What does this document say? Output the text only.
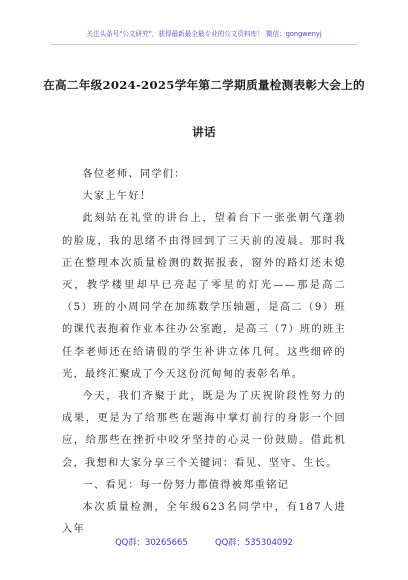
关注头条号"公文研究"，获得最新最全最专业的公文资料库！ 微信：gongwenyj
在高二年级2024-2025学年第二学期质量检测表彰大会上的
讲话

各位老师、同学们：

大家上午好！

此刻站在礼堂的讲台上，望着台下一张张朝气蓬勃的脸庞，我的思绪不由得回到了三天前的凌晨。那时我正在整理本次质量检测的数据报表，窗外的路灯还未熄灭，教学楼里却早已亮起了零星的灯光——那是高二（5）班的小周同学在加练数学压轴题，是高二（9）班的课代表抱着作业本往办公室跑，是高三（7）班的班主任李老师还在给请假的学生补讲立体几何。这些细碎的光，最终汇聚成了今天这份沉甸甸的表彰名单。

今天，我们齐聚于此，既是为了庆祝阶段性努力的成果，更是为了给那些在题海中掌灯前行的身影一个回应，给那些在挫折中咬牙坚持的心灵一份鼓励。借此机会，我想和大家分享三个关键词：看见、坚守、生长。

一、看见：每一份努力都值得被郑重铭记

本次质量检测，全年级623名同学中，有187人进入年

QQ群：30265665	QQ群：535304092
